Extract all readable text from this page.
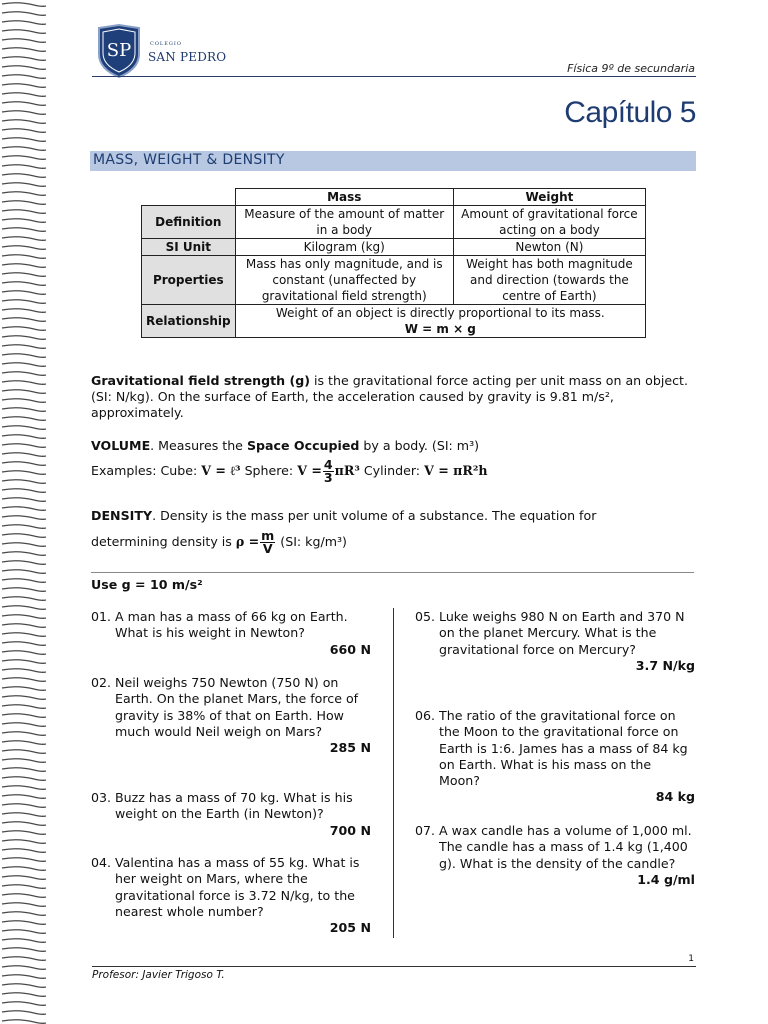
SP	COLEGIO
SAN PEDRO
Física 9º de secundaria
Capítulo 5
MASS, WEIGHT & DENSITY
	Mass	Weight
Definition	Measure of the amount of matter in a body	Amount of gravitational force acting on a body
SI Unit	Kilogram (kg)	Newton (N)
Properties	Mass has only magnitude, and is constant (unaffected by gravitational field strength)	Weight has both magnitude and direction (towards the centre of Earth)
Relationship	Weight of an object is directly proportional to its mass.
W = m × g	
Gravitational field strength (g) is the gravitational force acting per unit mass on an object. (SI: N/kg). On the surface of Earth, the acceleration caused by gravity is 9.81 m/s², approximately.
VOLUME. Measures the Space Occupied by a body. (SI: m³)
Examples: Cube: V = ℓ³ Sphere: $V = \frac{4}{3} \pi R^3$ Cylinder: V = πR²h
DENSITY. Density is the mass per unit volume of a substance. The equation for
determining density is $\rho = \frac{m}{V} (SI$: kg/m³)
Use g = 10 m/s²
01. A man has a mass of 66 kg on Earth. What is his weight in Newton?
660 N
02. Neil weighs 750 Newton (750 N) on Earth. On the planet Mars, the force of gravity is 38% of that on Earth. How much would Neil weigh on Mars?
285 N
03. Buzz has a mass of 70 kg. What is his weight on the Earth (in Newton)?
700 N
04. Valentina has a mass of 55 kg. What is her weight on Mars, where the gravitational force is 3.72 N/kg, to the nearest whole number?
205 N
05. Luke weighs 980 N on Earth and 370 N on the planet Mercury. What is the gravitational force on Mercury?
3.7 N/kg
06. The ratio of the gravitational force on the Moon to the gravitational force on Earth is 1:6. James has a mass of 84 kg on Earth. What is his mass on the Moon?
84 kg
07. A wax candle has a volume of 1,000 ml. The candle has a mass of 1.4 kg (1,400 g). What is the density of the candle?
1.4 g/ml
1
Profesor: Javier Trigoso T.
